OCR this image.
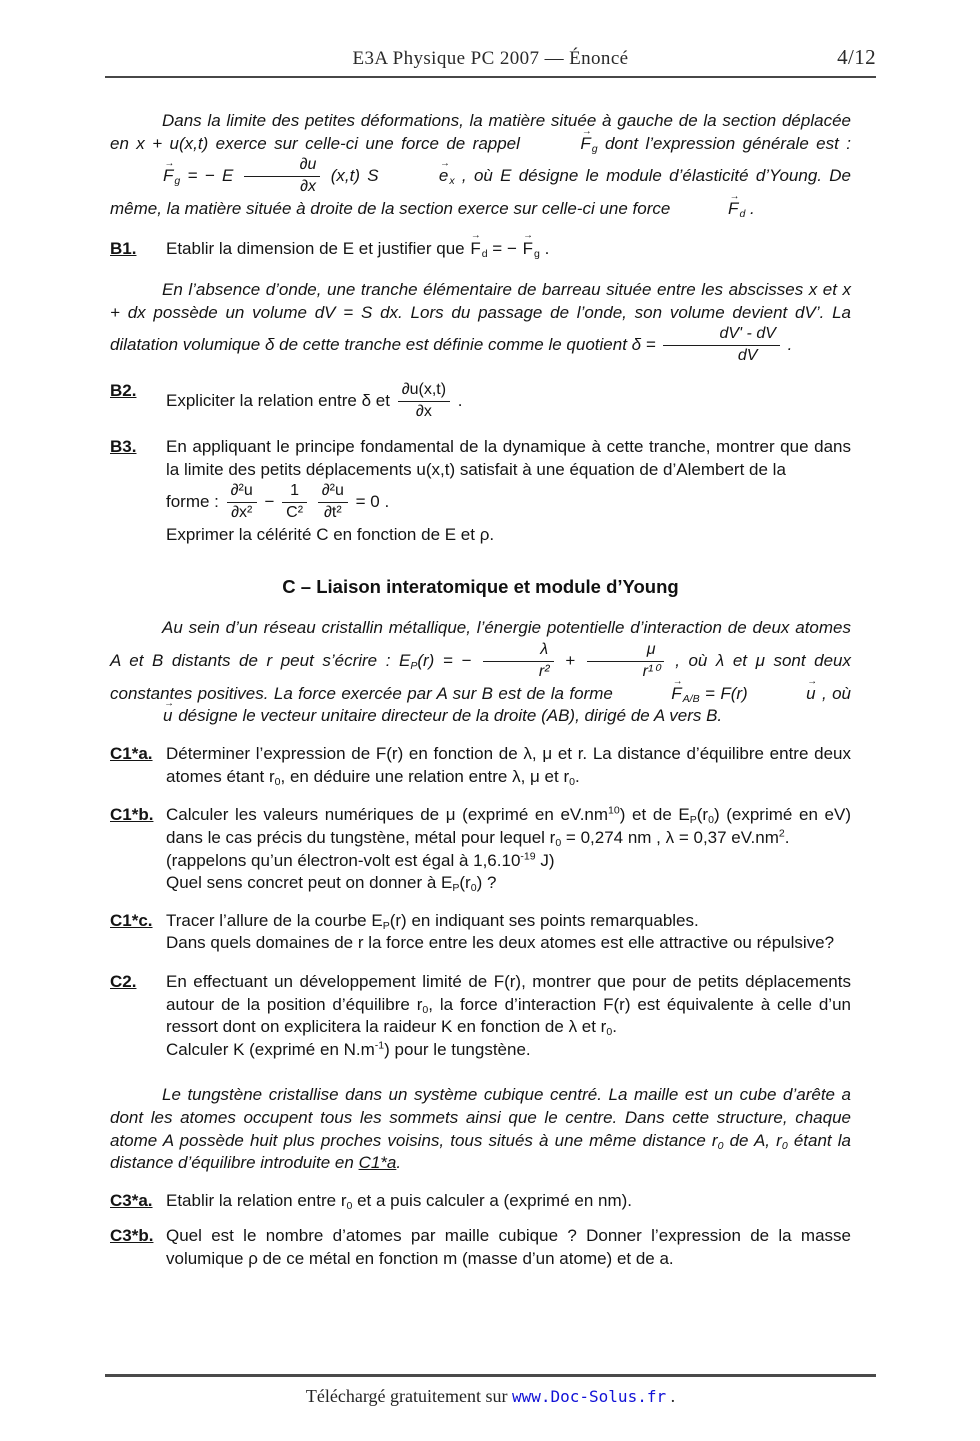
E3A Physique PC 2007 — Énoncé	4/12

Dans la limite des petites déformations, la matière située à gauche de la section déplacée en x + u(x,t) exerce sur celle-ci une force de rappel	$F \to_g$ dont l’expression générale est : $F \to_g$ = − E $\frac{\partial u}{\partial x} (x,t)$ S	$e \to_x$ , où E désigne le module d’élasticité d’Young. De même, la matière située à droite de la section exerce sur celle-ci une force	$F \to_d$ .

B1.	Etablir la dimension de E et justifier que $F \to_d$ = − $F \to_g$ .

En l’absence d’onde, une tranche élémentaire de barreau située entre les abscisses x et x + dx possède un volume dV = S dx. Lors du passage de l’onde, son volume devient dV’. La dilatation volumique δ de cette tranche est définie comme le quotient $\delta = \frac{dV' - dV}{dV}$ .

B2.

Expliciter la relation entre δ et $\frac{\partial u(x,t)}{\partial x}$ .

B3.	En appliquant le principe fondamental de la dynamique à cette tranche, montrer que dans la limite des petits déplacements u(x,t) satisfait à une équation de d’Alembert de la

forme : $\frac{\text{∂²u}}{\text{∂x²}} - \frac{1}{\text{C²}}$
$\frac{\text{∂²u}}{\text{∂t²}} = 0$ .

Exprimer la célérité C en fonction de E et ρ.

C – Liaison interatomique et module d’Young

Au sein d’un réseau cristallin métallique, l’énergie potentielle d’interaction de deux atomes A et B distants de r peut s’écrire : $E_P(r)$ = − $\frac{\lambda}{\text{r²}} + \frac{\mu}{\text{r¹⁰}}$ , où λ et μ sont deux constantes positives. La force exercée par A sur B est de la forme	$F \to_{A/B} = F(r)$	u → , où u → désigne le vecteur unitaire directeur de la droite (AB), dirigé de A vers B.

C1*a. Déterminer l’expression de F(r) en fonction de λ, μ et r. La distance d’équilibre entre deux atomes étant $r_0$, en déduire une relation entre λ, μ et $r_0$.

C1*b. Calculer les valeurs numériques de μ (exprimé en $eV.nm^{10}$) et de $E_P(r_0)$ (exprimé en eV) dans le cas précis du tungstène, métal pour lequel $r_0 = 0,274$ nm , λ = 0,37 $eV.nm^2$.

(rappelons qu’un électron-volt est égal à $1,6.10^{-19}$ J)

Quel sens concret peut on donner à $E_P(r_0)$ ?

C1*c. Tracer l’allure de la courbe $E_P(r)$ en indiquant ses points remarquables.

Dans quels domaines de r la force entre les deux atomes est elle attractive ou répulsive?

C2.	En effectuant un développement limité de F(r), montrer que pour de petits déplacements autour de la position d’équilibre $r_0$, la force d’interaction F(r) est équivalente à celle d’un ressort dont on explicitera la raideur K en fonction de λ et $r_0$.

Calculer K (exprimé en $N.m^{-1}$) pour le tungstène.

Le tungstène cristallise dans un système cubique centré. La maille est un cube d’arête a dont les atomes occupent tous les sommets ainsi que le centre. Dans cette structure, chaque atome A possède huit plus proches voisins, tous situés à une même distance $r_0$ de A, $r_0$ étant la distance d’équilibre introduite en C1*a.

C3*a. Etablir la relation entre $r_0$ et a puis calculer a (exprimé en nm).

C3*b. Quel est le nombre d’atomes par maille cubique ? Donner l’expression de la masse volumique ρ de ce métal en fonction m (masse d’un atome) et de a.

Téléchargé gratuitement sur www.Doc-Solus.fr .
